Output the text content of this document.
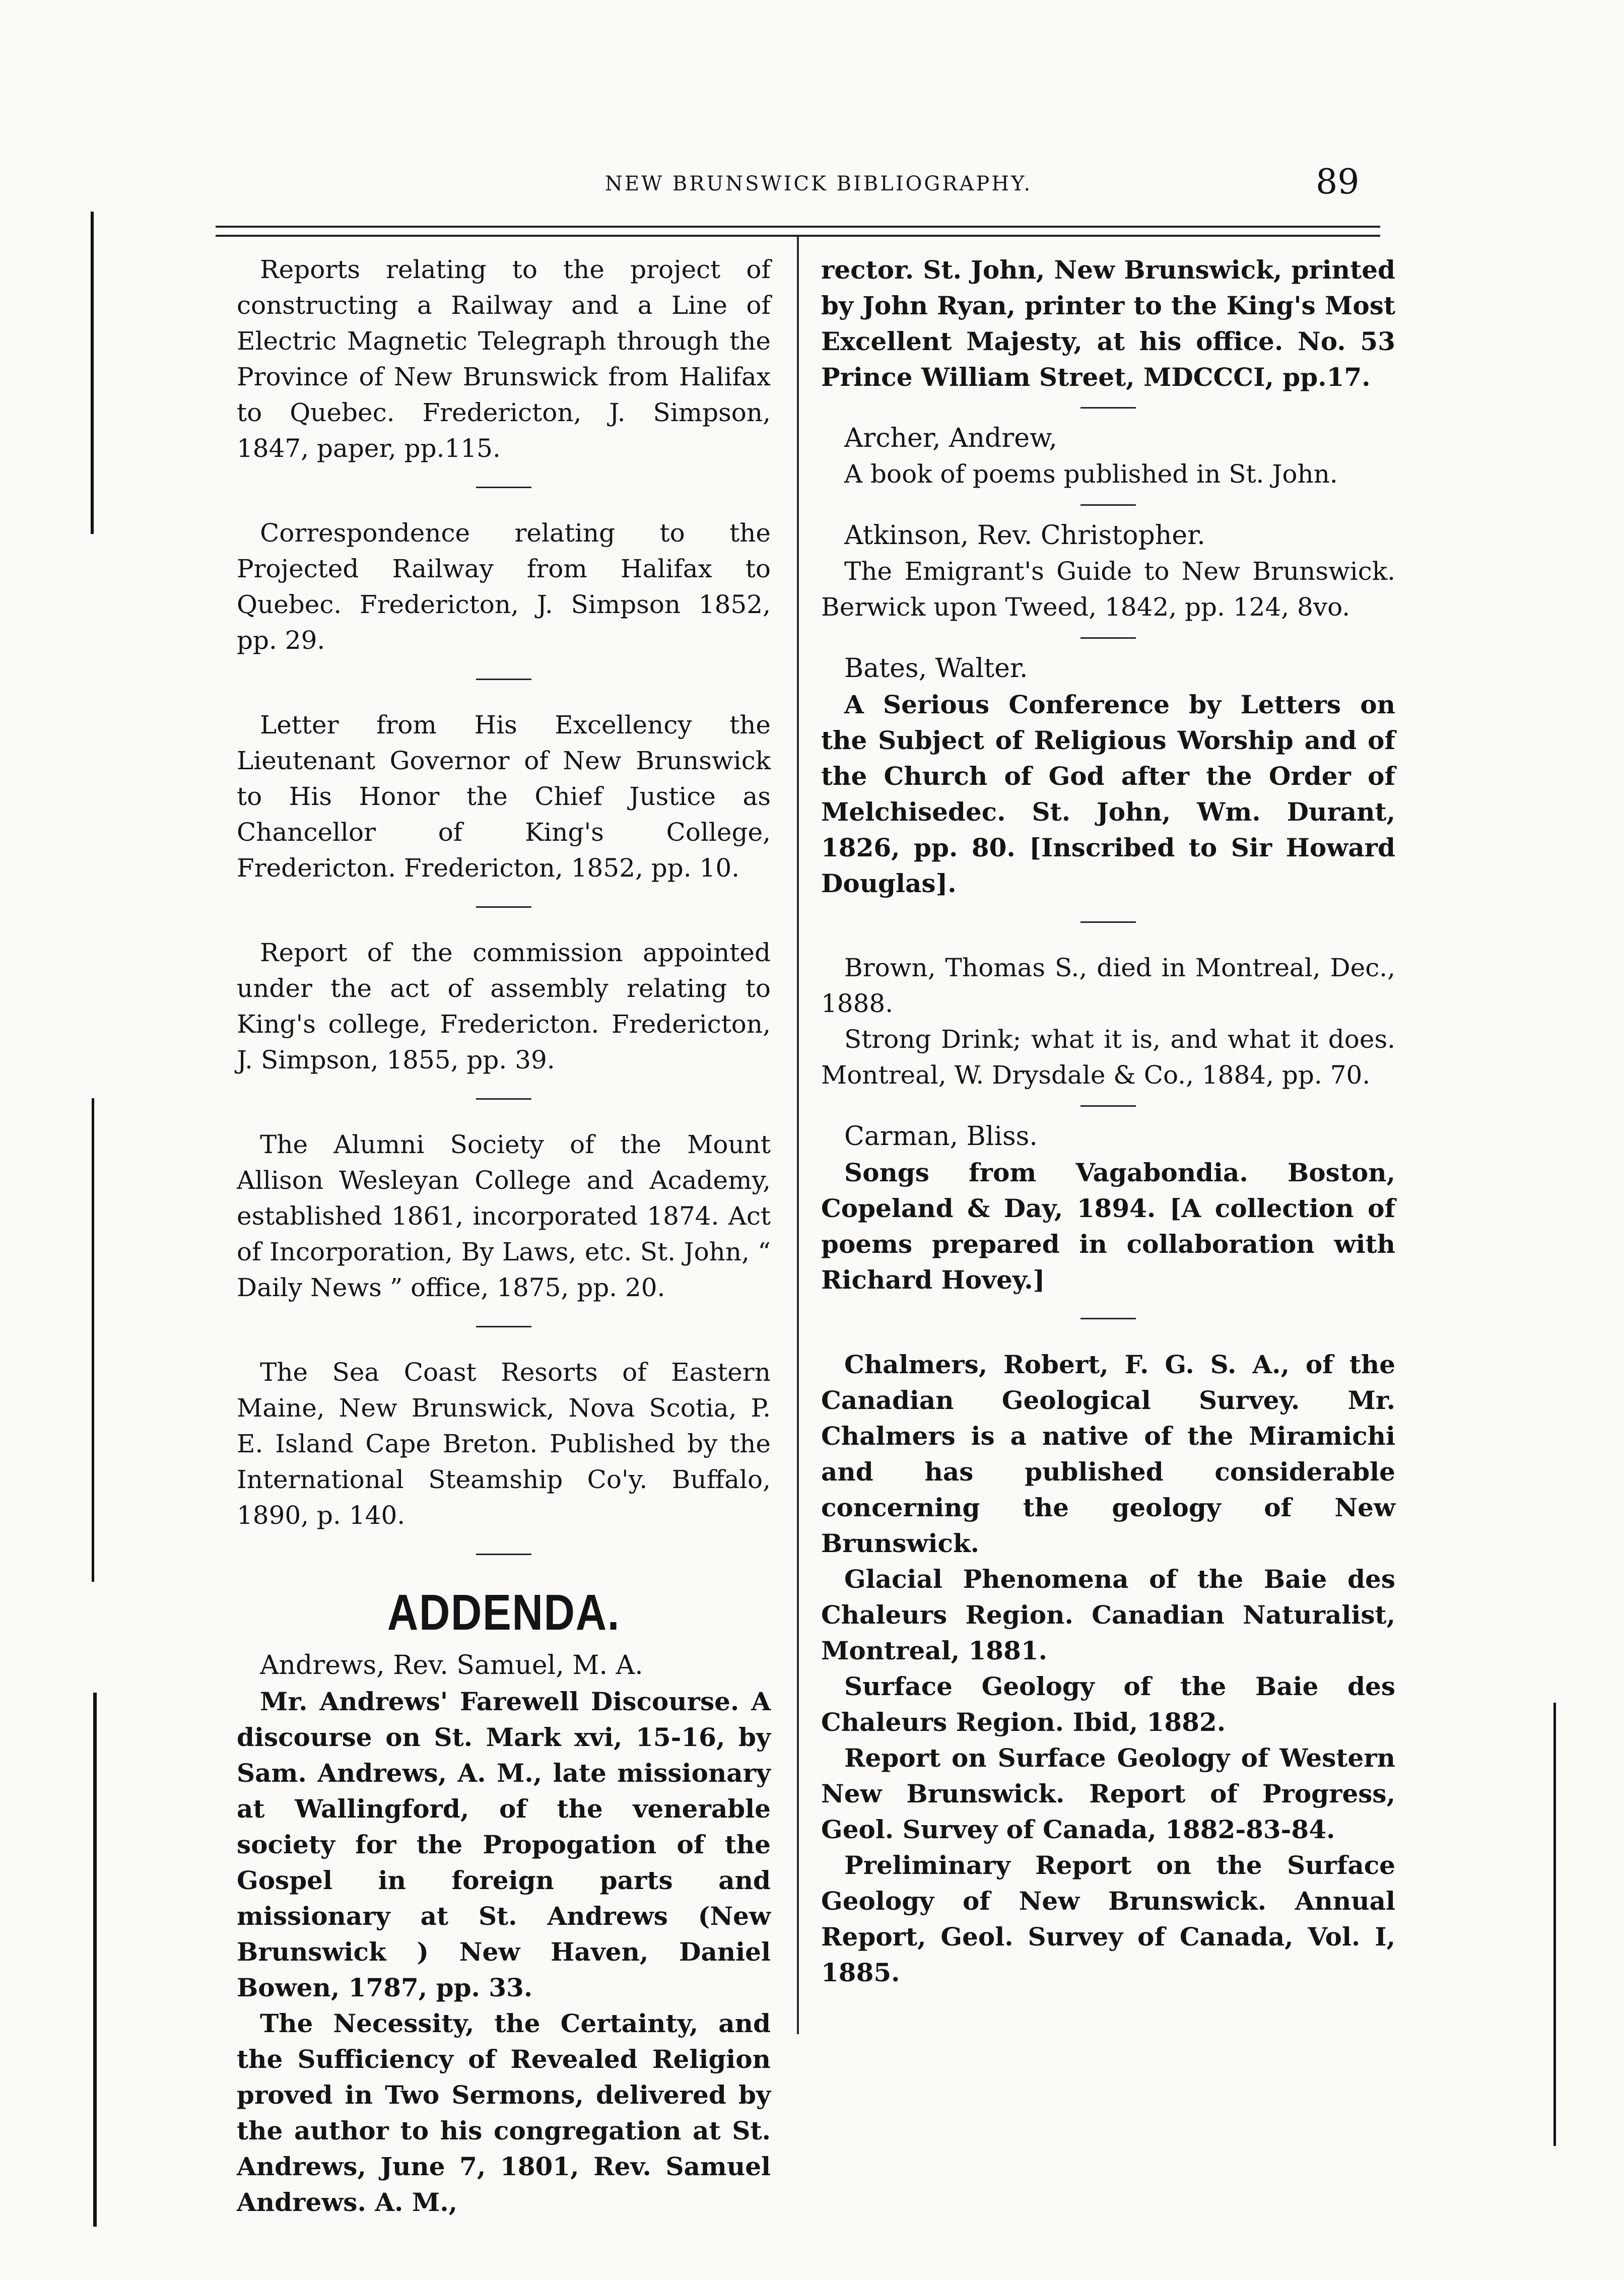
NEW BRUNSWICK BIBLIOGRAPHY.	89

Reports relating to the project of constructing a Railway and a Line of Electric Magnetic Telegraph through the Province of New Brunswick from Halifax to Quebec. Fredericton, J. Simpson, 1847, paper, pp.115.

Correspondence relating to the Projected Railway from Halifax to Quebec. Fredericton, J. Simpson 1852, pp. 29.

Letter from His Excellency the Lieutenant Governor of New Brunswick to His Honor the Chief Justice as Chancellor of King's College, Fredericton. Fredericton, 1852, pp. 10.

Report of the commission appointed under the act of assembly relating to King's college, Fredericton. Fredericton, J. Simpson, 1855, pp. 39.

The Alumni Society of the Mount Allison Wesleyan College and Academy, established 1861, incorporated 1874. Act of Incorporation, By Laws, etc. St. John, “ Daily News ” office, 1875, pp. 20.

The Sea Coast Resorts of Eastern Maine, New Brunswick, Nova Scotia, P. E. Island Cape Breton. Published by the International Steamship Co'y. Buffalo, 1890, p. 140.

ADDENDA.

Andrews, Rev. Samuel, M. A.

Mr. Andrews' Farewell Discourse. A discourse on St. Mark xvi, 15-16, by Sam. Andrews, A. M., late missionary at Wallingford, of the venerable society for the Propogation of the Gospel in foreign parts and missionary at St. Andrews (New Brunswick ) New Haven, Daniel Bowen, 1787, pp. 33.

The Necessity, the Certainty, and the Sufficiency of Revealed Religion proved in Two Sermons, delivered by the author to his congregation at St. Andrews, June 7, 1801, Rev. Samuel Andrews. A. M.,

rector. St. John, New Brunswick, printed by John Ryan, printer to the King's Most Excellent Majesty, at his office. No. 53 Prince William Street, MDCCCI, pp.17.

Archer, Andrew,

A book of poems published in St. John.

Atkinson, Rev. Christopher.

The Emigrant's Guide to New Brunswick. Berwick upon Tweed, 1842, pp. 124, 8vo.

Bates, Walter.

A Serious Conference by Letters on the Subject of Religious Worship and of the Church of God after the Order of Melchisedec. St. John, Wm. Durant, 1826, pp. 80. [Inscribed to Sir Howard Douglas].

Brown, Thomas S., died in Montreal, Dec., 1888.

Strong Drink; what it is, and what it does. Montreal, W. Drysdale & Co., 1884, pp. 70.

Carman, Bliss.

Songs from Vagabondia. Boston, Copeland & Day, 1894. [A collection of poems prepared in collaboration with Richard Hovey.]

Chalmers, Robert, F. G. S. A., of the Canadian Geological Survey. Mr. Chalmers is a native of the Miramichi and has published considerable concerning the geology of New Brunswick.

Glacial Phenomena of the Baie des Chaleurs Region. Canadian Naturalist, Montreal, 1881.

Surface Geology of the Baie des Chaleurs Region. Ibid, 1882.

Report on Surface Geology of Western New Brunswick. Report of Progress, Geol. Survey of Canada, 1882-83-84.

Preliminary Report on the Surface Geology of New Brunswick. Annual Report, Geol. Survey of Canada, Vol. I, 1885.
